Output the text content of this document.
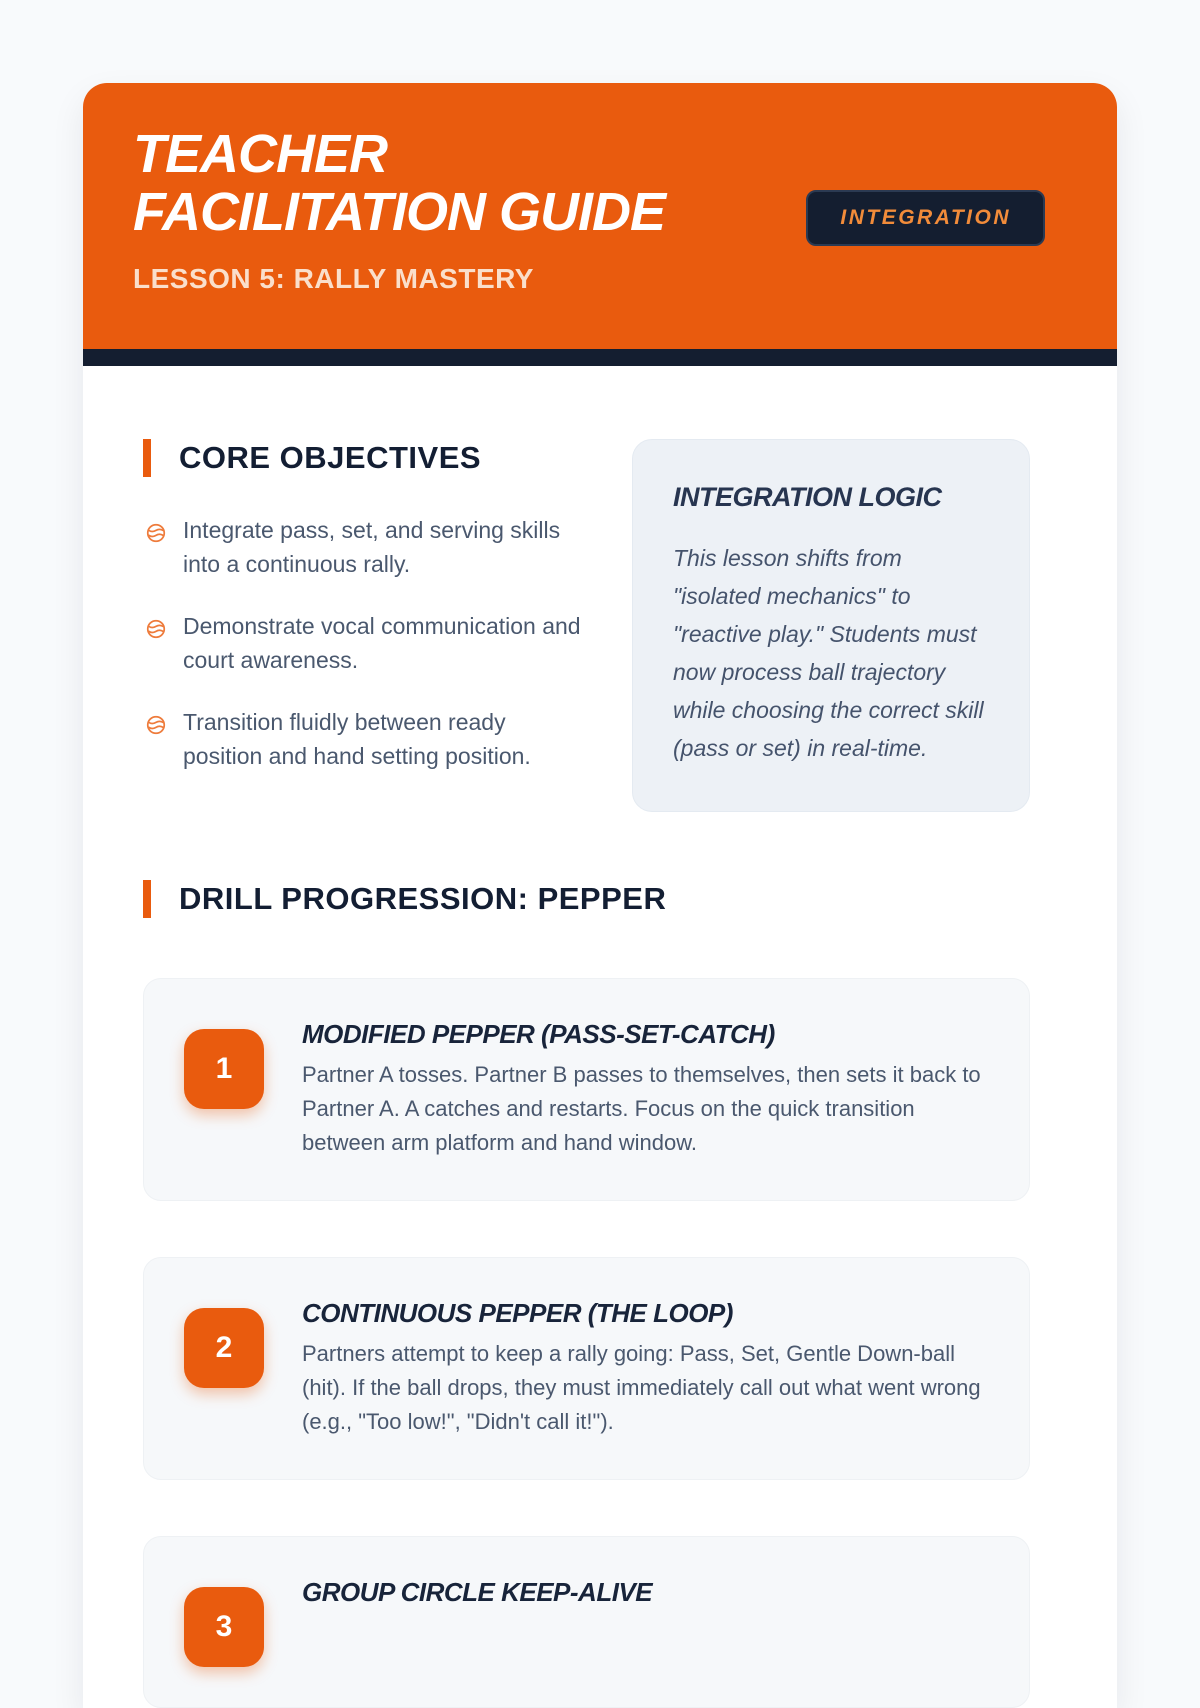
TEACHER
FACILITATION GUIDE	INTEGRATION
LESSON 5: RALLY MASTERY
CORE OBJECTIVES
Integrate pass, set, and serving skills into a continuous rally.
Demonstrate vocal communication and court awareness.
Transition fluidly between ready position and hand setting position.
INTEGRATION LOGIC
This lesson shifts from "isolated mechanics" to "reactive play." Students must now process ball trajectory while choosing the correct skill (pass or set) in real-time.
DRILL PROGRESSION: PEPPER
1
MODIFIED PEPPER (PASS-SET-CATCH)
Partner A tosses. Partner B passes to themselves, then sets it back to Partner A. A catches and restarts. Focus on the quick transition between arm platform and hand window.
2
CONTINUOUS PEPPER (THE LOOP)
Partners attempt to keep a rally going: Pass, Set, Gentle Down-ball (hit). If the ball drops, they must immediately call out what went wrong (e.g., "Too low!", "Didn't call it!").
3
GROUP CIRCLE KEEP-ALIVE
